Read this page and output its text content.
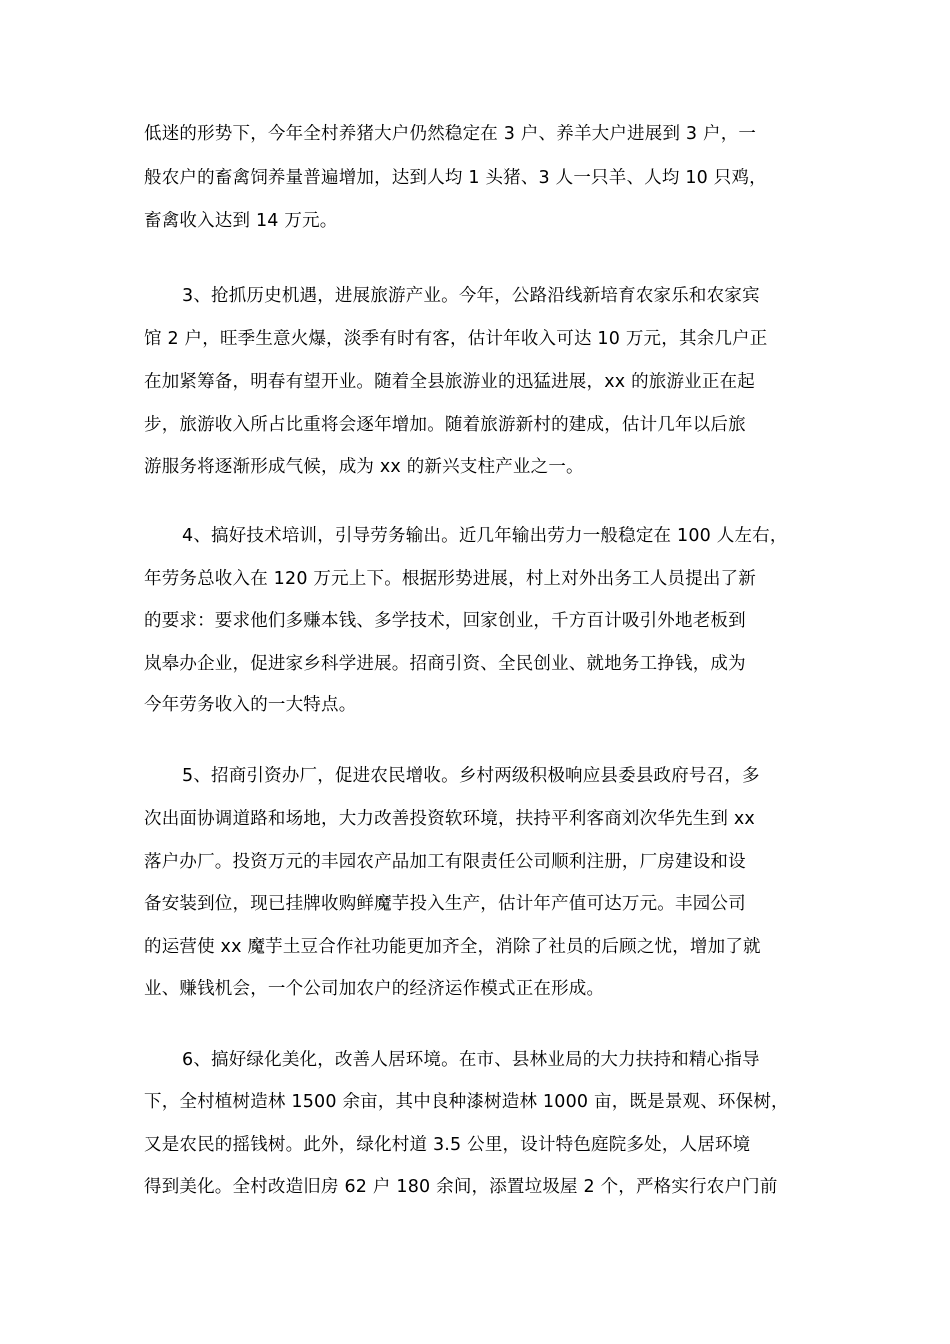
低迷的形势下，今年全村养猪大户仍然稳定在 3 户、养羊大户进展到 3 户，一
般农户的畜禽饲养量普遍增加，达到人均 1 头猪、3 人一只羊、人均 10 只鸡，
畜禽收入达到 14 万元。
3、抢抓历史机遇，进展旅游产业。今年，公路沿线新培育农家乐和农家宾
馆 2 户，旺季生意火爆，淡季有时有客，估计年收入可达 10 万元，其余几户正
在加紧筹备，明春有望开业。随着全县旅游业的迅猛进展，xx 的旅游业正在起
步，旅游收入所占比重将会逐年增加。随着旅游新村的建成，估计几年以后旅
游服务将逐渐形成气候，成为 xx 的新兴支柱产业之一。
4、搞好技术培训，引导劳务输出。近几年输出劳力一般稳定在 100 人左右，
年劳务总收入在 120 万元上下。根据形势进展，村上对外出务工人员提出了新
的要求：要求他们多赚本钱、多学技术，回家创业，千方百计吸引外地老板到
岚皋办企业，促进家乡科学进展。招商引资、全民创业、就地务工挣钱，成为
今年劳务收入的一大特点。
5、招商引资办厂，促进农民增收。乡村两级积极响应县委县政府号召，多
次出面协调道路和场地，大力改善投资软环境，扶持平利客商刘次华先生到 xx
落户办厂。投资万元的丰园农产品加工有限责任公司顺利注册，厂房建设和设
备安装到位，现已挂牌收购鲜魔芋投入生产，估计年产值可达万元。丰园公司
的运营使 xx 魔芋土豆合作社功能更加齐全，消除了社员的后顾之忧，增加了就
业、赚钱机会，一个公司加农户的经济运作模式正在形成。
6、搞好绿化美化，改善人居环境。在市、县林业局的大力扶持和精心指导
下，全村植树造林 1500 余亩，其中良种漆树造林 1000 亩，既是景观、环保树，
又是农民的摇钱树。此外，绿化村道 3.5 公里，设计特色庭院多处，人居环境
得到美化。全村改造旧房 62 户 180 余间，添置垃圾屋 2 个，严格实行农户门前
